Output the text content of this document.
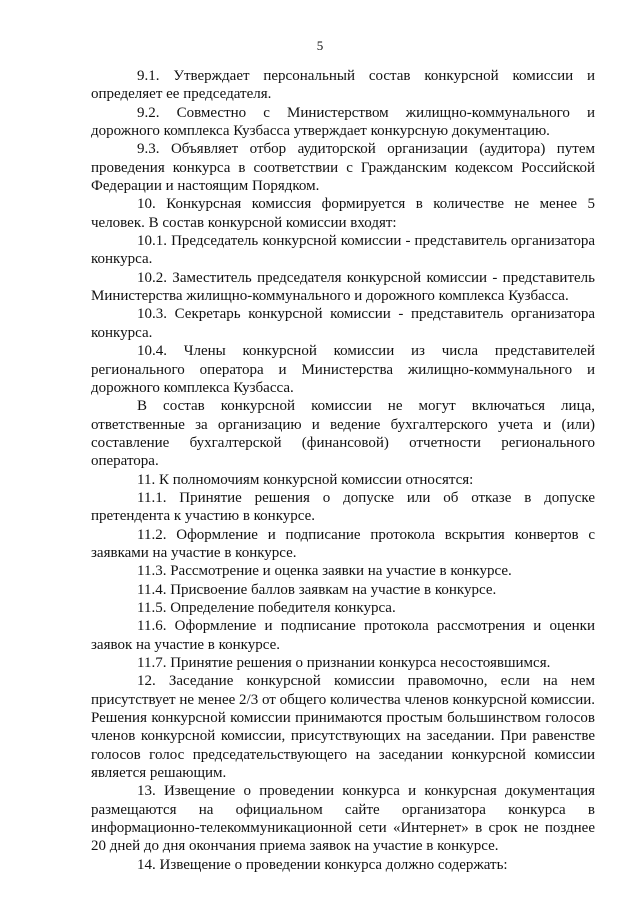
5

9.1. Утверждает персональный состав конкурсной комиссии и определяет ее председателя.

9.2. Совместно с Министерством жилищно-коммунального и дорожного комплекса Кузбасса утверждает конкурсную документацию.

9.3. Объявляет отбор аудиторской организации (аудитора) путем проведения конкурса в соответствии с Гражданским кодексом Российской Федерации и настоящим Порядком.

10. Конкурсная комиссия формируется в количестве не менее 5 человек. В состав конкурсной комиссии входят:

10.1. Председатель конкурсной комиссии - представитель организатора конкурса.

10.2. Заместитель председателя конкурсной комиссии - представитель Министерства жилищно-коммунального и дорожного комплекса Кузбасса.

10.3. Секретарь конкурсной комиссии - представитель организатора конкурса.

10.4. Члены конкурсной комиссии из числа представителей регионального оператора и Министерства жилищно-коммунального и дорожного комплекса Кузбасса.

В состав конкурсной комиссии не могут включаться лица, ответственные за организацию и ведение бухгалтерского учета и (или) составление бухгалтерской (финансовой) отчетности регионального оператора.

11. К полномочиям конкурсной комиссии относятся:

11.1. Принятие решения о допуске или об отказе в допуске претендента к участию в конкурсе.

11.2. Оформление и подписание протокола вскрытия конвертов с заявками на участие в конкурсе.

11.3. Рассмотрение и оценка заявки на участие в конкурсе.

11.4. Присвоение баллов заявкам на участие в конкурсе.

11.5. Определение победителя конкурса.

11.6. Оформление и подписание протокола рассмотрения и оценки заявок на участие в конкурсе.

11.7. Принятие решения о признании конкурса несостоявшимся.

12. Заседание конкурсной комиссии правомочно, если на нем присутствует не менее 2/3 от общего количества членов конкурсной комиссии. Решения конкурсной комиссии принимаются простым большинством голосов членов конкурсной комиссии, присутствующих на заседании. При равенстве голосов голос председательствующего на заседании конкурсной комиссии является решающим.

13. Извещение о проведении конкурса и конкурсная документация размещаются на официальном сайте организатора конкурса в информационно-телекоммуникационной сети «Интернет» в срок не позднее 20 дней до дня окончания приема заявок на участие в конкурсе.

14. Извещение о проведении конкурса должно содержать:
